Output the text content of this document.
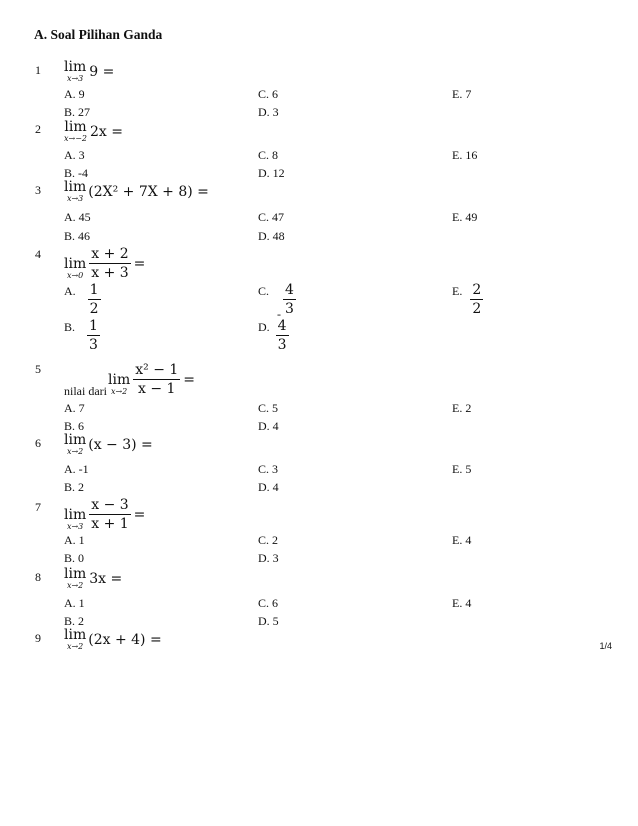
A. Soal Pilihan Ganda
1 lim
x→3 9 =
A. 9
B. 27
C. 6
D. 3
E. 7
2 lim
x→−2 2x =
A. 3
B. -4
C. 8
D. 12
E. 16
3 lim
x→3 (2X² + 7X + 8) =
A. 45
B. 46
C. 47
D. 48
E. 49
4
lim
$x\to 0 \frac{x + 2}{x + 3}$ =
A. $\frac{1}{2}$
B. $\frac{1}{3}$
C.
- $\frac{4}{3}$
D. $\frac{4}{3}$
E. $\frac{2}{2}$
5
nilai dari
lim
$x\to 2 \frac{\text{x² − 1}}{x - 1}$ =
A. 7
B. 6
C. 5
D. 4
E. 2
6 lim
x→2 (x − 3) =
A. -1
B. 2
C. 3
D. 4
E. 5
7 lim
$x\to 3 \frac{x - 3}{x + 1}$ =
A. 1
B. 0
C. 2
D. 3
E. 4
8 lim
x→2 3x =
A. 1
B. 2
C. 6
D. 5
E. 4
9 lim
x→2 (2x + 4) =	1/4
